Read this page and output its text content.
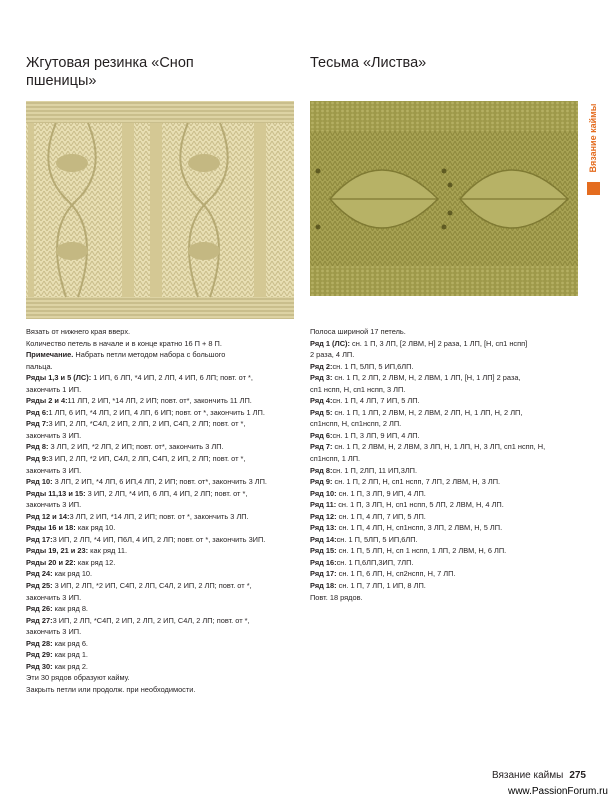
Жгутовая резинка «Сноп
пшеницы»
Тесьма «Листва»
Вязание каймы

Вязать от нижнего края вверх.

Количество петель в начале и в конце кратно 16 П + 8 П.

Примечание. Набрать петли методом набора с большого

пальца.

Ряды 1,3 и 5 (ЛС): 1 ИП, 6 ЛП, *4 ИП, 2 ЛП, 4 ИП, 6 ЛП; повт. от *,

закончить 1 ИП.

Ряды 2 и 4:11 ЛП, 2 ИП, *14 ЛП, 2 ИП; повт. от*, закончить 11 ЛП.

Ряд 6:1 ЛП, 6 ИП, *4 ЛП, 2 ИП, 4 ЛП, 6 ИП; повт. от *, закончить 1 ЛП.

Ряд 7:3 ИП, 2 ЛП, *С4Л, 2 ИП, 2 ЛП, 2 ИП, С4П, 2 ЛП; повт. от *,

закончить 3 ИП.

Ряд 8: 3 ЛП, 2 ИП, *2 ЛП, 2 ИП; повт. от*, закончить 3 ЛП.

Ряд 9:3 ИП, 2 ЛП, *2 ИП, С4Л, 2 ЛП, С4П, 2 ИП, 2 ЛП; повт. от *,

закончить 3 ИП.

Ряд 10: 3 ЛП, 2 ИП, *4 ЛП, 6 ИП,4 ЛП, 2 ИП; повт. от*, закончить 3 ЛП.

Ряды 11,13 и 15: 3 ИП, 2 ЛП, *4 ИП, 6 ЛП, 4 ИП, 2 ЛП; повт. от *,

закончить 3 ИП.

Ряд 12 и 14:3 ЛП, 2 ИП, *14 ЛП, 2 ИП; повт. от *, закончить 3 ЛП.

Ряды 16 и 18: как ряд 10.

Ряд 17:3 ИП, 2 ЛП, *4 ИП, П6Л, 4 ИП, 2 ЛП; повт. от *, закончить 3ИП.

Ряды 19, 21 и 23: как ряд 11.

Ряды 20 и 22: как ряд 12.

Ряд 24: как ряд 10.

Ряд 25: 3 ИП, 2 ЛП, *2 ИП, С4П, 2 ЛП, С4Л, 2 ИП, 2 ЛП; повт. от *,

закончить 3 ИП.

Ряд 26: как ряд 8.

Ряд 27:3 ИП, 2 ЛП, *С4П, 2 ИП, 2 ЛП, 2 ИП, С4Л, 2 ЛП; повт. от *,

закончить 3 ИП.

Ряд 28: как ряд 6.

Ряд 29: как ряд 1.

Ряд 30: как ряд 2.

Эти 30 рядов образуют кайму.

Закрыть петли или продолж. при необходимости.

Полоса шириной 17 петель.

Ряд 1 (ЛС): сн. 1 П, 3 ЛП, [2 ЛВМ, Н] 2 раза, 1 ЛП, [Н, сп1 нспп]

2 раза, 4 ЛП.

Ряд 2:сн. 1 П, 5ЛП, 5 ИП,6ЛП.

Ряд 3: сн. 1 П, 2 ЛП, 2 ЛВМ, Н, 2 ЛВМ, 1 ЛП, [Н, 1 ЛП] 2 раза,

сп1 нспп, Н, сп1 нспп, 3 ЛП.

Ряд 4:сн. 1 П, 4 ЛП, 7 ИП, 5 ЛП.

Ряд 5: сн. 1 П, 1 ЛП, 2 ЛВМ, Н, 2 ЛВМ, 2 ЛП, Н, 1 ЛП, Н, 2 ЛП,

сп1нспп, Н, сп1нспп, 2 ЛП.

Ряд 6:сн. 1 П, 3 ЛП, 9 ИП, 4 ЛП.

Ряд 7: сн. 1 П, 2 ЛВМ, Н, 2 ЛВМ, 3 ЛП, Н, 1 ЛП, Н, 3 ЛП, сп1 нспп, Н,

сп1нспп, 1 ЛП.

Ряд 8:сн. 1 П, 2ЛП, 11 ИП,3ЛП.

Ряд 9: сн. 1 П, 2 ЛП, Н, сп1 нспп, 7 ЛП, 2 ЛВМ, Н, 3 ЛП.

Ряд 10: сн. 1 П, 3 ЛП, 9 ИП, 4 ЛП.

Ряд 11: сн. 1 П, 3 ЛП, Н, сп1 нспп, 5 ЛП, 2 ЛВМ, Н, 4 ЛП.

Ряд 12: сн. 1 П, 4 ЛП, 7 ИП, 5 ЛП.

Ряд 13: сн. 1 П, 4 ЛП, Н, сп1нспп, 3 ЛП, 2 ЛВМ, Н, 5 ЛП.

Ряд 14:сн. 1 П, 5ЛП, 5 ИП,6ЛП.

Ряд 15: сн. 1 П, 5 ЛП, Н, сп 1 нспп, 1 ЛП, 2 ЛВМ, Н, 6 ЛП.

Ряд 16:сн. 1 П,6ЛП,3ИП, 7ЛП.

Ряд 17: сн. 1 П, 6 ЛП, Н, сп2нспп, Н, 7 ЛП.

Ряд 18: сн. 1 П, 7 ЛП, 1 ИП, 8 ЛП.

Повт. 18 рядов.

Вязание каймы 275
www.PassionForum.ru
